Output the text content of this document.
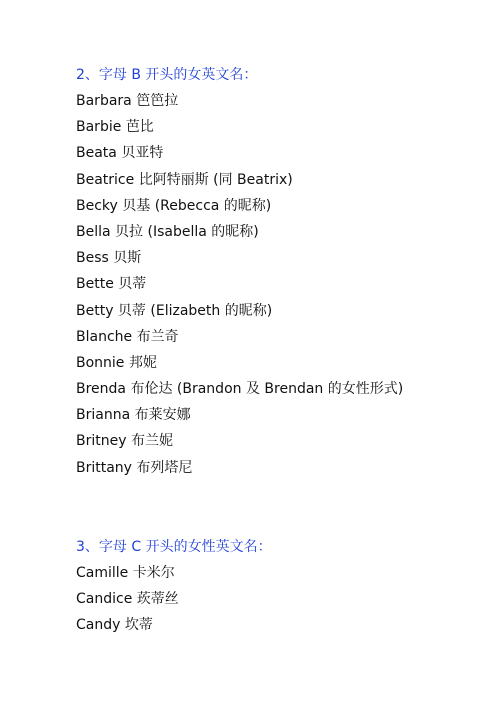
2、字母 B 开头的女英文名：
Barbara 笆笆拉
Barbie 芭比
Beata 贝亚特
Beatrice 比阿特丽斯 (同 Beatrix)
Becky 贝基 (Rebecca 的昵称)
Bella 贝拉 (Isabella 的昵称)
Bess 贝斯
Bette 贝蒂
Betty 贝蒂 (Elizabeth 的昵称)
Blanche 布兰奇
Bonnie 邦妮
Brenda 布伦达 (Brandon 及 Brendan 的女性形式)
Brianna 布莱安娜
Britney 布兰妮
Brittany 布列塔尼
3、字母 C 开头的女性英文名：
Camille 卡米尔
Candice 莰蒂丝
Candy 坎蒂
